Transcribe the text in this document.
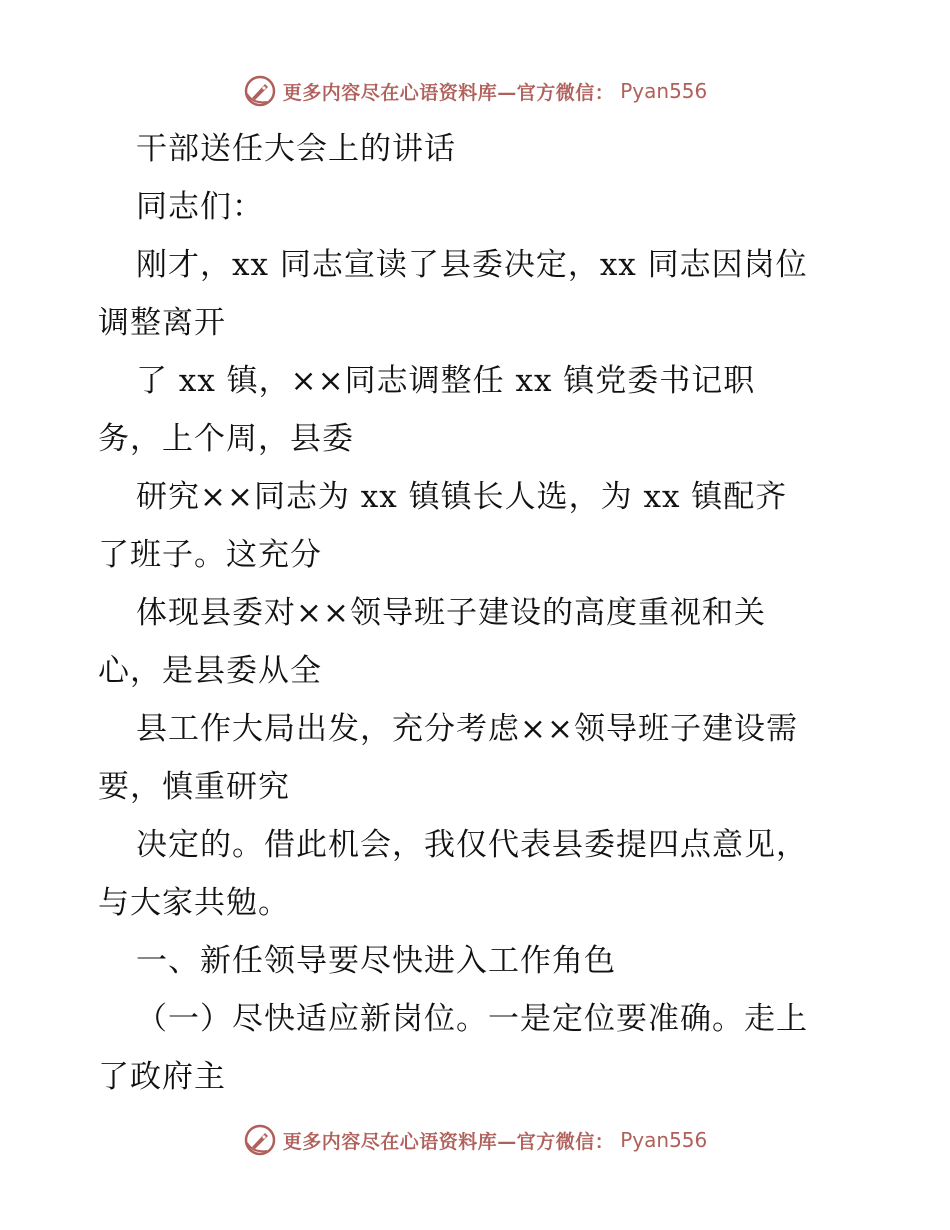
更多内容尽在心语资料库—官方微信： Pyan556
干部送任大会上的讲话
同志们：
刚才，xx 同志宣读了县委决定，xx 同志因岗位
调整离开
了 xx 镇，××同志调整任 xx 镇党委书记职
务，上个周，县委
研究××同志为 xx 镇镇长人选，为 xx 镇配齐
了班子。这充分
体现县委对××领导班子建设的高度重视和关
心，是县委从全
县工作大局出发，充分考虑××领导班子建设需
要，慎重研究
决定的。借此机会，我仅代表县委提四点意见，
与大家共勉。
一、新任领导要尽快进入工作角色
（一）尽快适应新岗位。一是定位要准确。走上
了政府主
更多内容尽在心语资料库—官方微信： Pyan556
